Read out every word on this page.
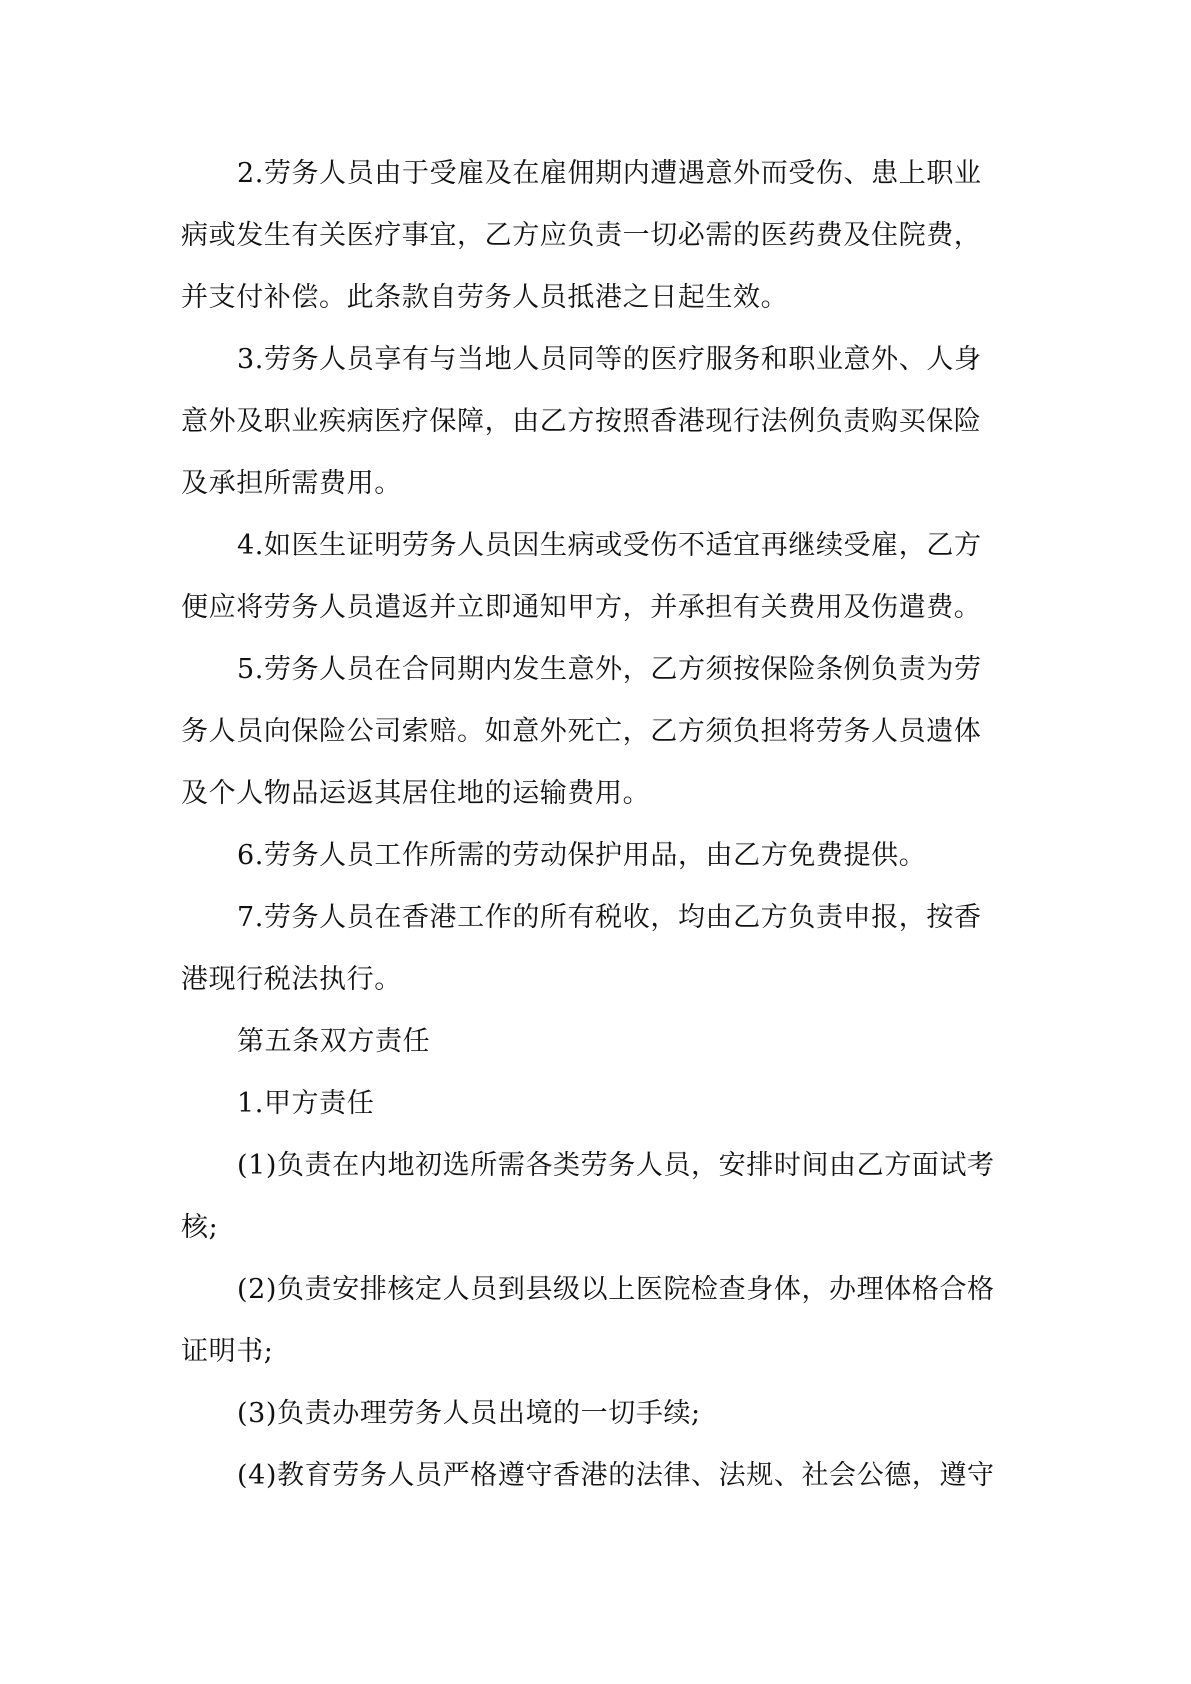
2.劳务人员由于受雇及在雇佣期内遭遇意外而受伤、患上职业
病或发生有关医疗事宜，乙方应负责一切必需的医药费及住院费，
并支付补偿。此条款自劳务人员抵港之日起生效。

3.劳务人员享有与当地人员同等的医疗服务和职业意外、人身
意外及职业疾病医疗保障，由乙方按照香港现行法例负责购买保险
及承担所需费用。

4.如医生证明劳务人员因生病或受伤不适宜再继续受雇，乙方
便应将劳务人员遣返并立即通知甲方，并承担有关费用及伤遣费。

5.劳务人员在合同期内发生意外，乙方须按保险条例负责为劳
务人员向保险公司索赔。如意外死亡，乙方须负担将劳务人员遗体
及个人物品运返其居住地的运输费用。

6.劳务人员工作所需的劳动保护用品，由乙方免费提供。

7.劳务人员在香港工作的所有税收，均由乙方负责申报，按香
港现行税法执行。

第五条双方责任

1.甲方责任

(1)负责在内地初选所需各类劳务人员，安排时间由乙方面试考
核;

(2)负责安排核定人员到县级以上医院检查身体，办理体格合格
证明书;

(3)负责办理劳务人员出境的一切手续;

(4)教育劳务人员严格遵守香港的法律、法规、社会公德，遵守
